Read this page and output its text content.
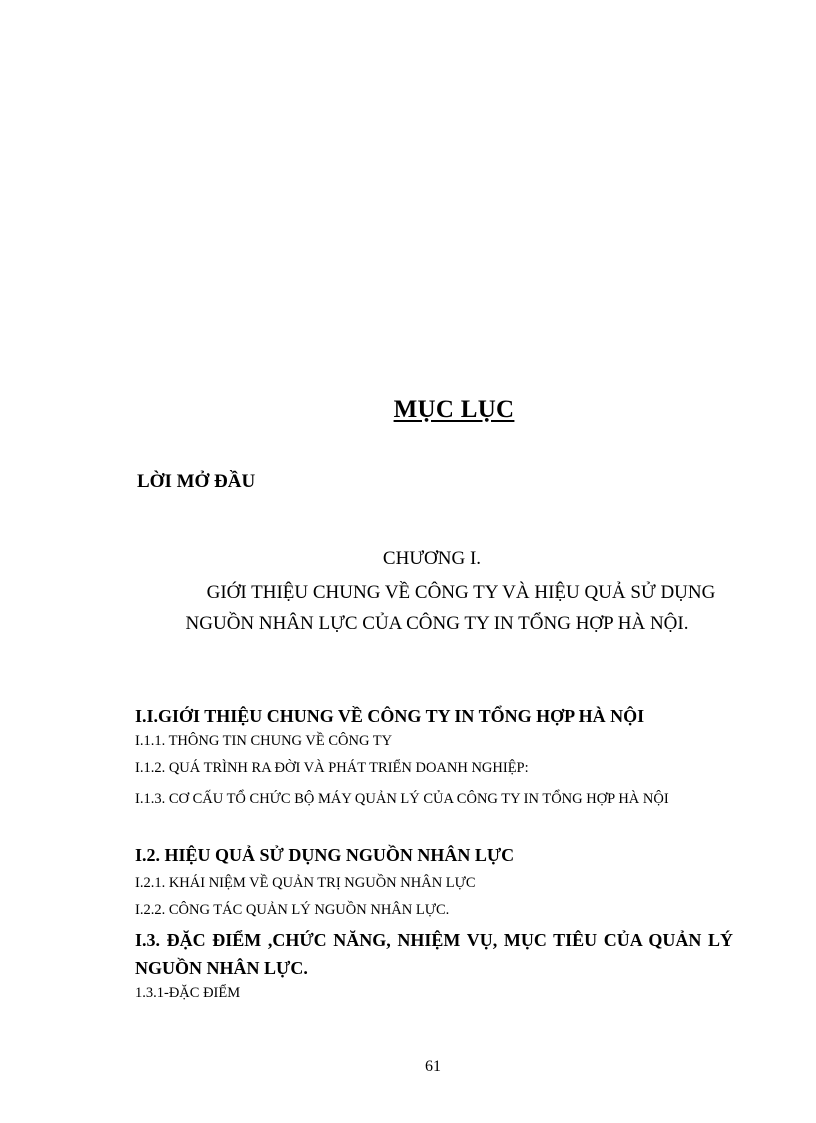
MỤC LỤC
LỜI MỞ ĐẦU
CHƯƠNG I.
GIỚI THIỆU CHUNG VỀ CÔNG TY VÀ HIỆU QUẢ SỬ DỤNG NGUỒN NHÂN LỰC CỦA CÔNG TY IN TỔNG HỢP HÀ NỘI.
I.I.GIỚI THIỆU CHUNG VỀ CÔNG TY IN TỔNG HỢP HÀ NỘI
I.1.1. THÔNG TIN CHUNG VỀ CÔNG TY
I.1.2. QUÁ TRÌNH RA ĐỜI VÀ PHÁT TRIỂN DOANH NGHIỆP:
I.1.3. CƠ CẤU TỔ CHỨC BỘ MÁY QUẢN LÝ CỦA CÔNG TY IN TỔNG HỢP HÀ NỘI
I.2. HIỆU QUẢ SỬ DỤNG NGUỒN NHÂN LỰC
I.2.1. KHÁI NIỆM VỀ QUẢN TRỊ NGUỒN NHÂN LỰC
I.2.2. CÔNG TÁC QUẢN LÝ NGUỒN NHÂN LỰC.
I.3. ĐẶC ĐIỂM ,CHỨC NĂNG, NHIỆM VỤ, MỤC TIÊU CỦA QUẢN LÝ NGUỒN NHÂN LỰC.
1.3.1-ĐẶC ĐIỂM
61
